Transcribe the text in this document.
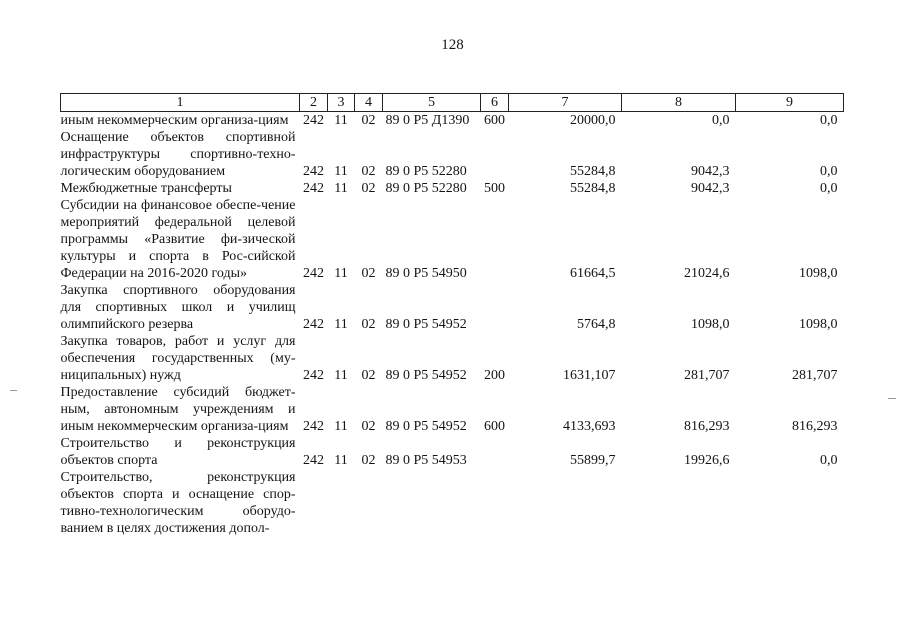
128
1	2	3	4	5	6	7	8	9
иным некоммерческим организа-циям	242	11	02	89 0 Р5 Д1390	600	20000,0	0,0	0,0
Оснащение объектов спортивной инфраструктуры спортивно-техно-логическим оборудованием	242	11	02	89 0 Р5 52280		55284,8	9042,3	0,0
Межбюджетные трансферты	242	11	02	89 0 Р5 52280	500	55284,8	9042,3	0,0
Субсидии на финансовое обеспе-чение мероприятий федеральной целевой программы «Развитие фи-зической культуры и спорта в Рос-сийской Федерации на 2016-2020 годы»	242	11	02	89 0 Р5 54950		61664,5	21024,6	1098,0
Закупка спортивного оборудования для спортивных школ и училищ олимпийского резерва	242	11	02	89 0 Р5 54952		5764,8	1098,0	1098,0
Закупка товаров, работ и услуг для обеспечения государственных (му-ниципальных) нужд	242	11	02	89 0 Р5 54952	200	1631,107	281,707	281,707
Предоставление субсидий бюджет-ным, автономным учреждениям и иным некоммерческим организа-циям	242	11	02	89 0 Р5 54952	600	4133,693	816,293	816,293
Строительство и реконструкция объектов спорта	242	11	02	89 0 Р5 54953		55899,7	19926,6	0,0
Строительство, реконструкция объектов спорта и оснащение спор-тивно-технологическим оборудо-ванием в целях достижения допол-								
